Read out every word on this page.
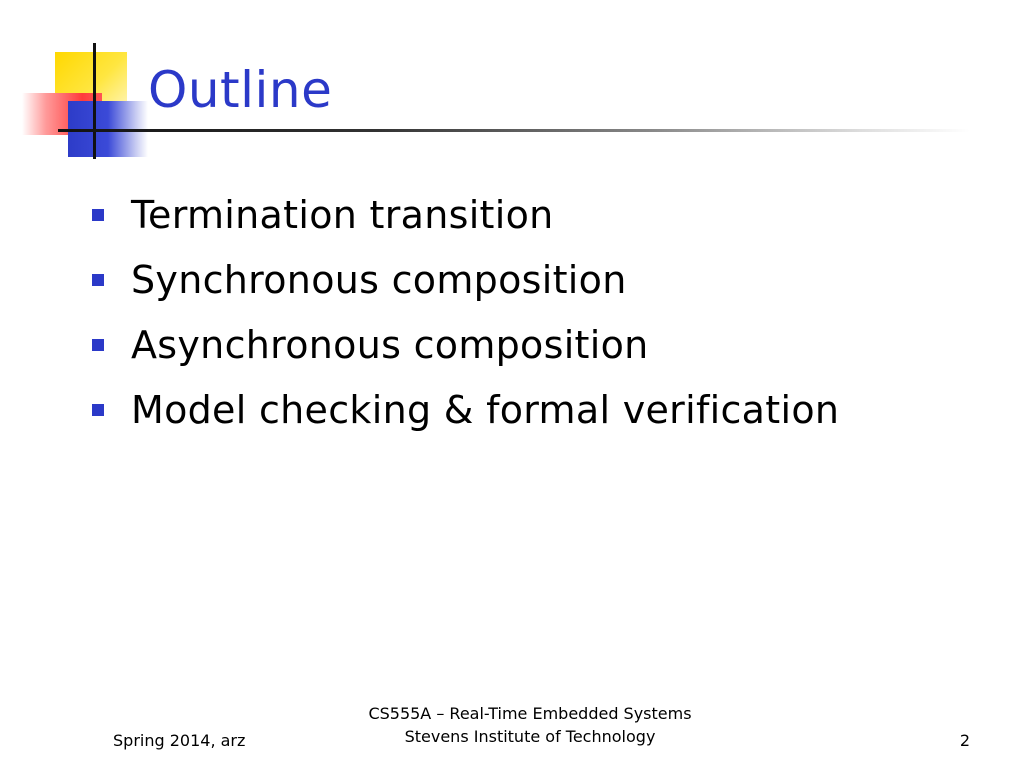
Outline
Termination transition
Synchronous composition
Asynchronous composition
Model checking & formal verification
Spring 2014, arz
CS555A – Real-Time Embedded Systems
Stevens Institute of Technology	2
